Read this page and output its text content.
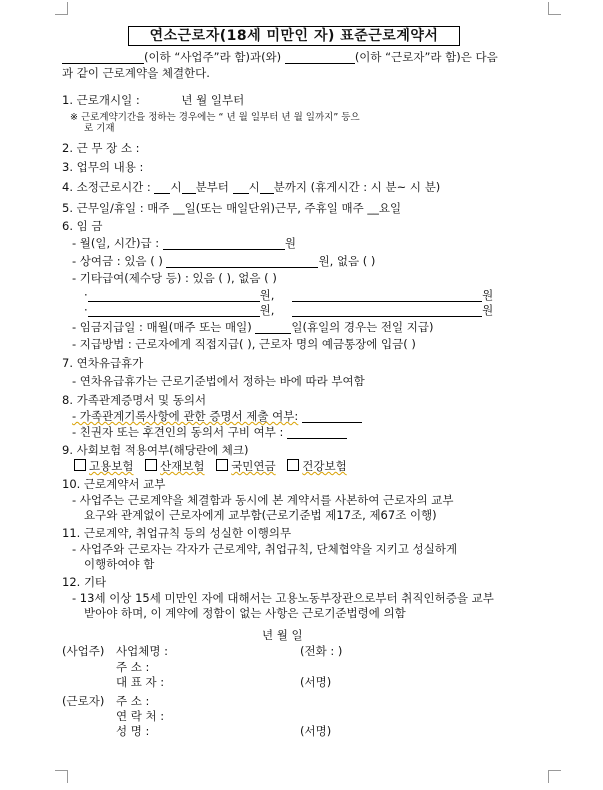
연소근로자(18세 미만인 자) 표준근로계약서
(이하 “사업주”라 함)과(와)	(이하 “근로자”라 함)은 다음
과 같이 근로계약을 체결한다.
1. 근로개시일 :	년 월 일부터
※ 근로계약기간을 정하는 경우에는 “ 년 월 일부터 년 월 일까지” 등으
로 기재
2. 근 무 장 소 :
3. 업무의 내용 :
4. 소정근로시간 : 시 분부터 시 분까지 (휴게시간 : 시 분~ 시 분)
5. 근무일/휴일 : 매주 __일(또는 매일단위)근무, 주휴일 매주 __요일
6. 임 금
- 월(일, 시간)급 :	원
- 상여금 : 있음 ( )	원, 없음 ( )
- 기타급여(제수당 등) : 있음 ( ), 없음 ( )
·	원,	원
·	원,	원
- 임금지급일 : 매월(매주 또는 매일)	일(휴일의 경우는 전일 지급)
- 지급방법 : 근로자에게 직접지급( ), 근로자 명의 예금통장에 입금( )
7. 연차유급휴가
- 연차유급휴가는 근로기준법에서 정하는 바에 따라 부여함
8. 가족관계증명서 및 동의서
- 가족관계기록사항에 관한 증명서 제출 여부:
- 친권자 또는 후견인의 동의서 구비 여부 :
9. 사회보험 적용여부(해당란에 체크)
고용보험 산재보험 국민연금 건강보험
10. 근로계약서 교부
- 사업주는 근로계약을 체결함과 동시에 본 계약서를 사본하여 근로자의 교부
요구와 관계없이 근로자에게 교부함(근로기준법 제17조, 제67조 이행)
11. 근로계약, 취업규칙 등의 성실한 이행의무
- 사업주와 근로자는 각자가 근로계약, 취업규칙, 단체협약을 지키고 성실하게
이행하여야 함
12. 기타
- 13세 이상 15세 미만인 자에 대해서는 고용노동부장관으로부터 취직인허증을 교부
받아야 하며, 이 계약에 정함이 없는 사항은 근로기준법령에 의함
년 월 일
(사업주) 사업체명 :	(전화 : )
주 소 :
대 표 자 :	(서명)
(근로자) 주 소 :
연 락 처 :
성 명 :	(서명)
